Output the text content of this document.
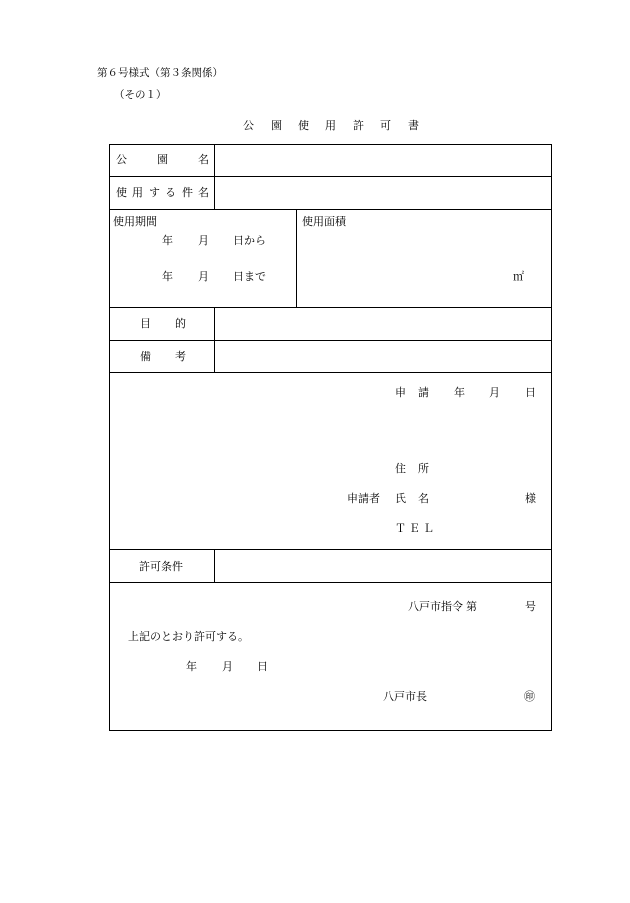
第６号様式（第３条関係）
（その１）
公 園 使 用 許 可 書
公	園	名
使 用 す る 件 名
使用期間
年 月 日から
年 月 日まで
使用面積
㎡
目 的
備 考
申 請 年 月 日
住 所
申請者 氏 名	様
ＴＥＬ
許可条件
八戸市指令 第	号
上記のとおり許可する。
年 月 日
八戸市長	㊞
